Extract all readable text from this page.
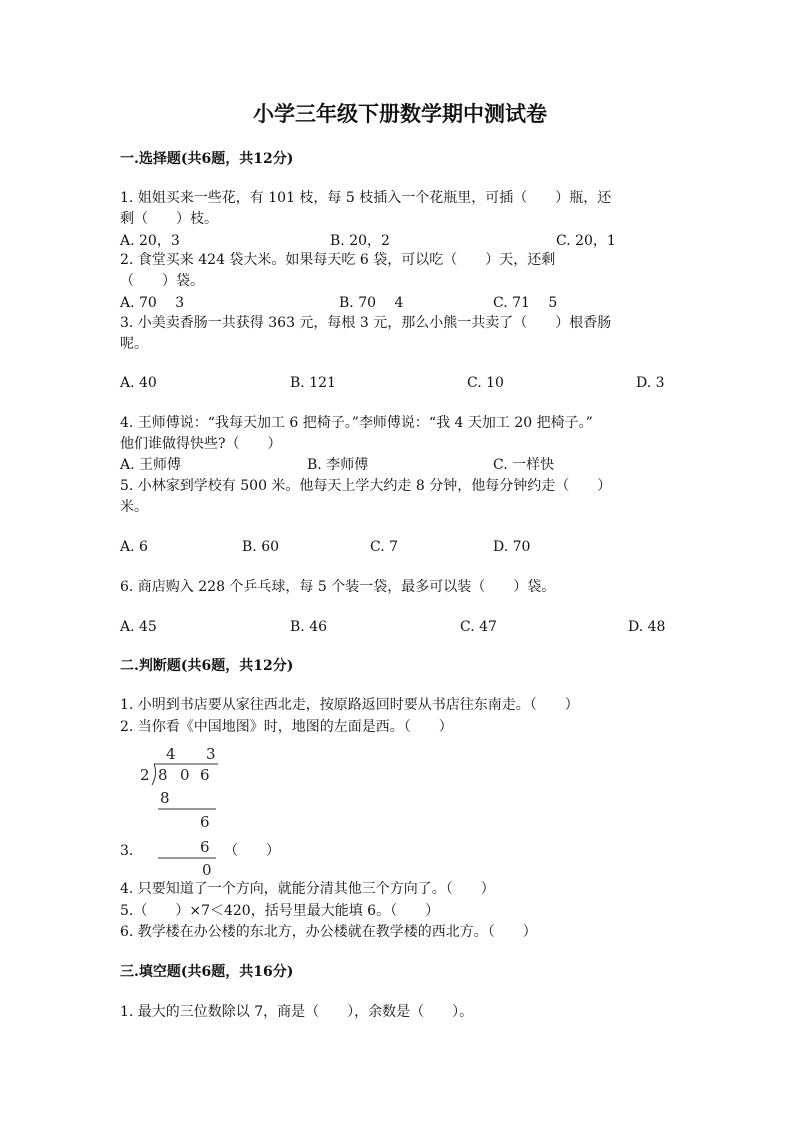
小学三年级下册数学期中测试卷
一.选择题(共6题，共12分)
1. 姐姐买来一些花，有 101 枝，每 5 枝插入一个花瓶里，可插（　　）瓶，还
剩（　　）枝。
A. 20，3	B. 20，2	C. 20，1
2. 食堂买来 424 袋大米。如果每天吃 6 袋，可以吃（　　）天，还剩
（　　）袋。
A. 70　 3	B. 70　 4	C. 71　 5
3. 小美卖香肠一共获得 363 元，每根 3 元，那么小熊一共卖了（　　）根香肠
呢。
A. 40	B. 121	C. 10	D. 3
4. 王师傅说：“我每天加工 6 把椅子。”李师傅说：“我 4 天加工 20 把椅子。”
他们谁做得快些?（　　）
A. 王师傅	B. 李师傅	C. 一样快
5. 小林家到学校有 500 米。他每天上学大约走 8 分钟，他每分钟约走（　　）
米。
A. 6	B. 60	C. 7	D. 70
6. 商店购入 228 个乒乓球，每 5 个装一袋，最多可以装（　　）袋。
A. 45	B. 46	C. 47	D. 48
二.判断题(共6题，共12分)
1. 小明到书店要从家往西北走，按原路返回时要从书店往东南走。（　　）
2. 当你看《中国地图》时，地图的左面是西。（　　）
4 3
2 8 0 6
8
6
6
0
3.	（　　）
4. 只要知道了一个方向，就能分清其他三个方向了。（　　）
5.（　　）×7＜420，括号里最大能填 6。（　　）
6. 教学楼在办公楼的东北方，办公楼就在教学楼的西北方。（　　）
三.填空题(共6题，共16分)
1. 最大的三位数除以 7，商是（　　），余数是（　　）。
